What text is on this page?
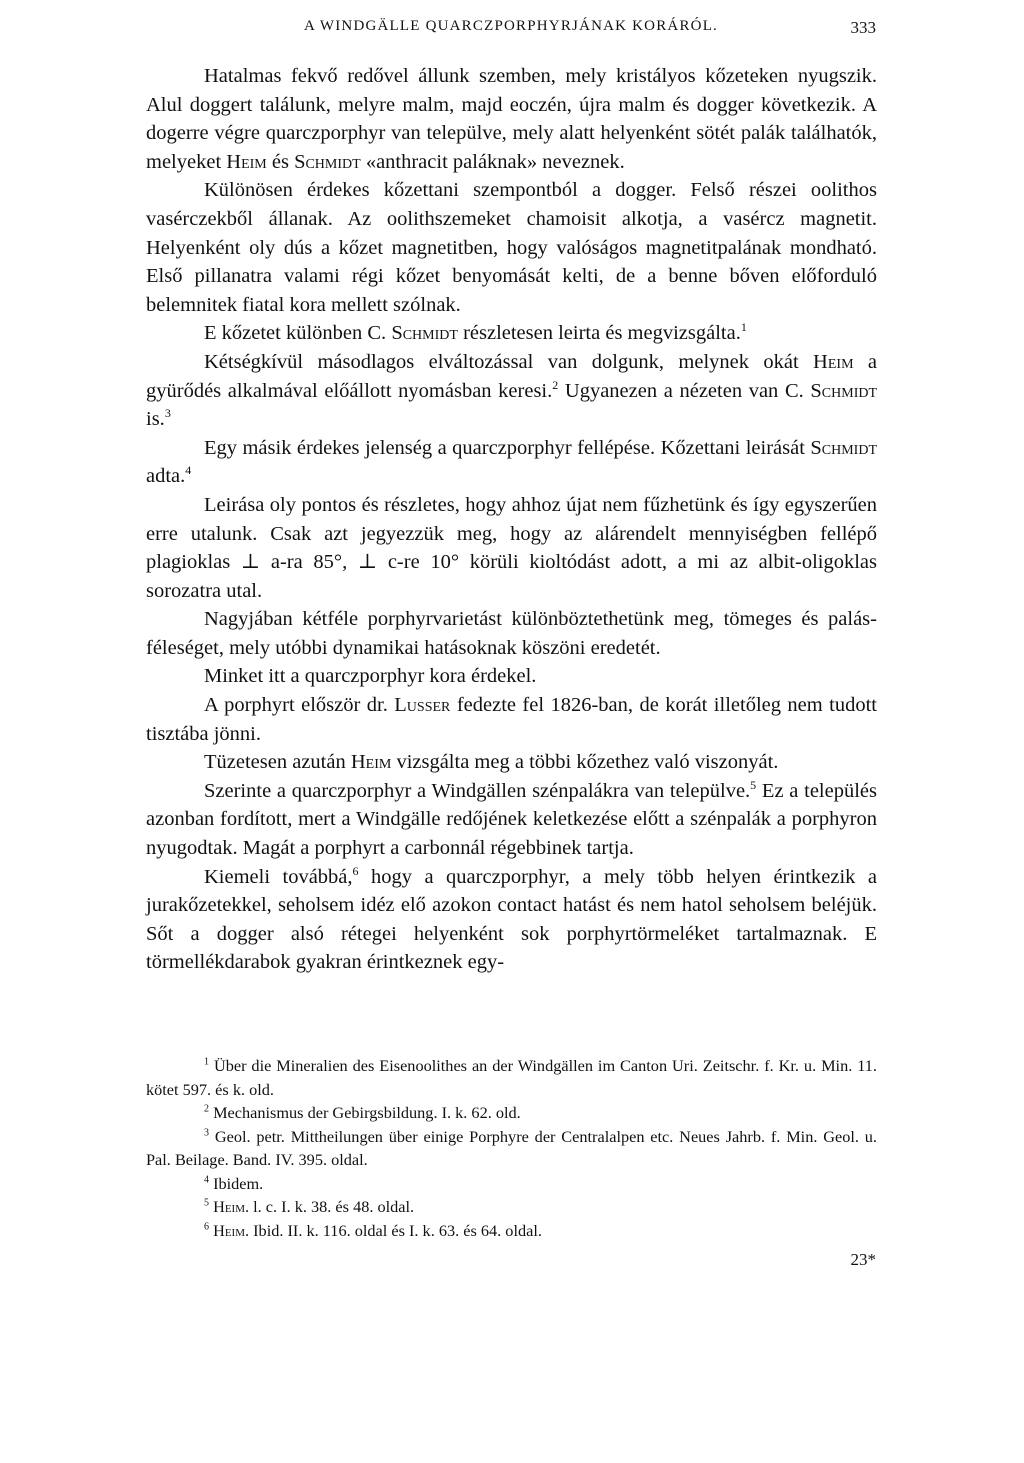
A WINDGÄLLE QUARCZPORPHYRJÁNAK KORÁRÓL.	333

Hatalmas fekvő redővel állunk szemben, mely kristályos kőzeteken nyugszik. Alul doggert találunk, melyre malm, majd eoczén, újra malm és dogger következik. A dogerre végre quarczporphyr van települve, mely alatt helyenként sötét palák találhatók, melyeket Heim és Schmidt «anthracit paláknak» neveznek.

Különösen érdekes kőzettani szempontból a dogger. Felső részei oolithos vasérczekből állanak. Az oolithszemeket chamoisit alkotja, a vasércz magnetit. Helyenként oly dús a kőzet magnetitben, hogy valóságos magnetitpalának mondható. Első pillanatra valami régi kőzet benyomását kelti, de a benne bőven előforduló belemnitek fiatal kora mellett szólnak.

E kőzetet különben C. Schmidt részletesen leirta és megvizsgálta.$^1$

Kétségkívül másodlagos elváltozással van dolgunk, melynek okát Heim a gyürődés alkalmával előállott nyomásban keresi.$^2$ Ugyanezen a nézeten van C. Schmidt is.$^3$

Egy másik érdekes jelenség a quarczporphyr fellépése. Kőzettani leirását Schmidt adta.$^4$

Leirása oly pontos és részletes, hogy ahhoz újat nem fűzhetünk és így egyszerűen erre utalunk. Csak azt jegyezzük meg, hogy az alárendelt mennyiségben fellépő plagioklas ⊥ a-ra 85°, ⊥ c-re 10° körüli kioltódást adott, a mi az albit-oligoklas sorozatra utal.

Nagyjában kétféle porphyrvarietást különböztethetünk meg, tömeges és palás-féleséget, mely utóbbi dynamikai hatásoknak köszöni eredetét.

Minket itt a quarczporphyr kora érdekel.

A porphyrt először dr. Lusser fedezte fel 1826-ban, de korát illetőleg nem tudott tisztába jönni.

Tüzetesen azután Heim vizsgálta meg a többi kőzethez való viszonyát.

Szerinte a quarczporphyr a Windgällen szénpalákra van települve.$^5$ Ez a település azonban fordított, mert a Windgälle redőjének keletkezése előtt a szénpalák a porphyron nyugodtak. Magát a porphyrt a carbonnál régebbinek tartja.

Kiemeli továbbá,$^6$ hogy a quarczporphyr, a mely több helyen érintkezik a jurakőzetekkel, seholsem idéz elő azokon contact hatást és nem hatol seholsem beléjük. Sőt a dogger alsó rétegei helyenként sok porphyrtörmeléket tartalmaznak. E törmellékdarabok gyakran érintkeznek egy-

$^1$ Über die Mineralien des Eisenoolithes an der Windgällen im Canton Uri. Zeitschr. f. Kr. u. Min. 11. kötet 597. és k. old.

$^2$ Mechanismus der Gebirgsbildung. I. k. 62. old.

$^3$ Geol. petr. Mittheilungen über einige Porphyre der Centralalpen etc. Neues Jahrb. f. Min. Geol. u. Pal. Beilage. Band. IV. 395. oldal.

$^4$ Ibidem.

$^5$ Heim. l. c. I. k. 38. és 48. oldal.

$^6$ Heim. Ibid. II. k. 116. oldal és I. k. 63. és 64. oldal.

23*
